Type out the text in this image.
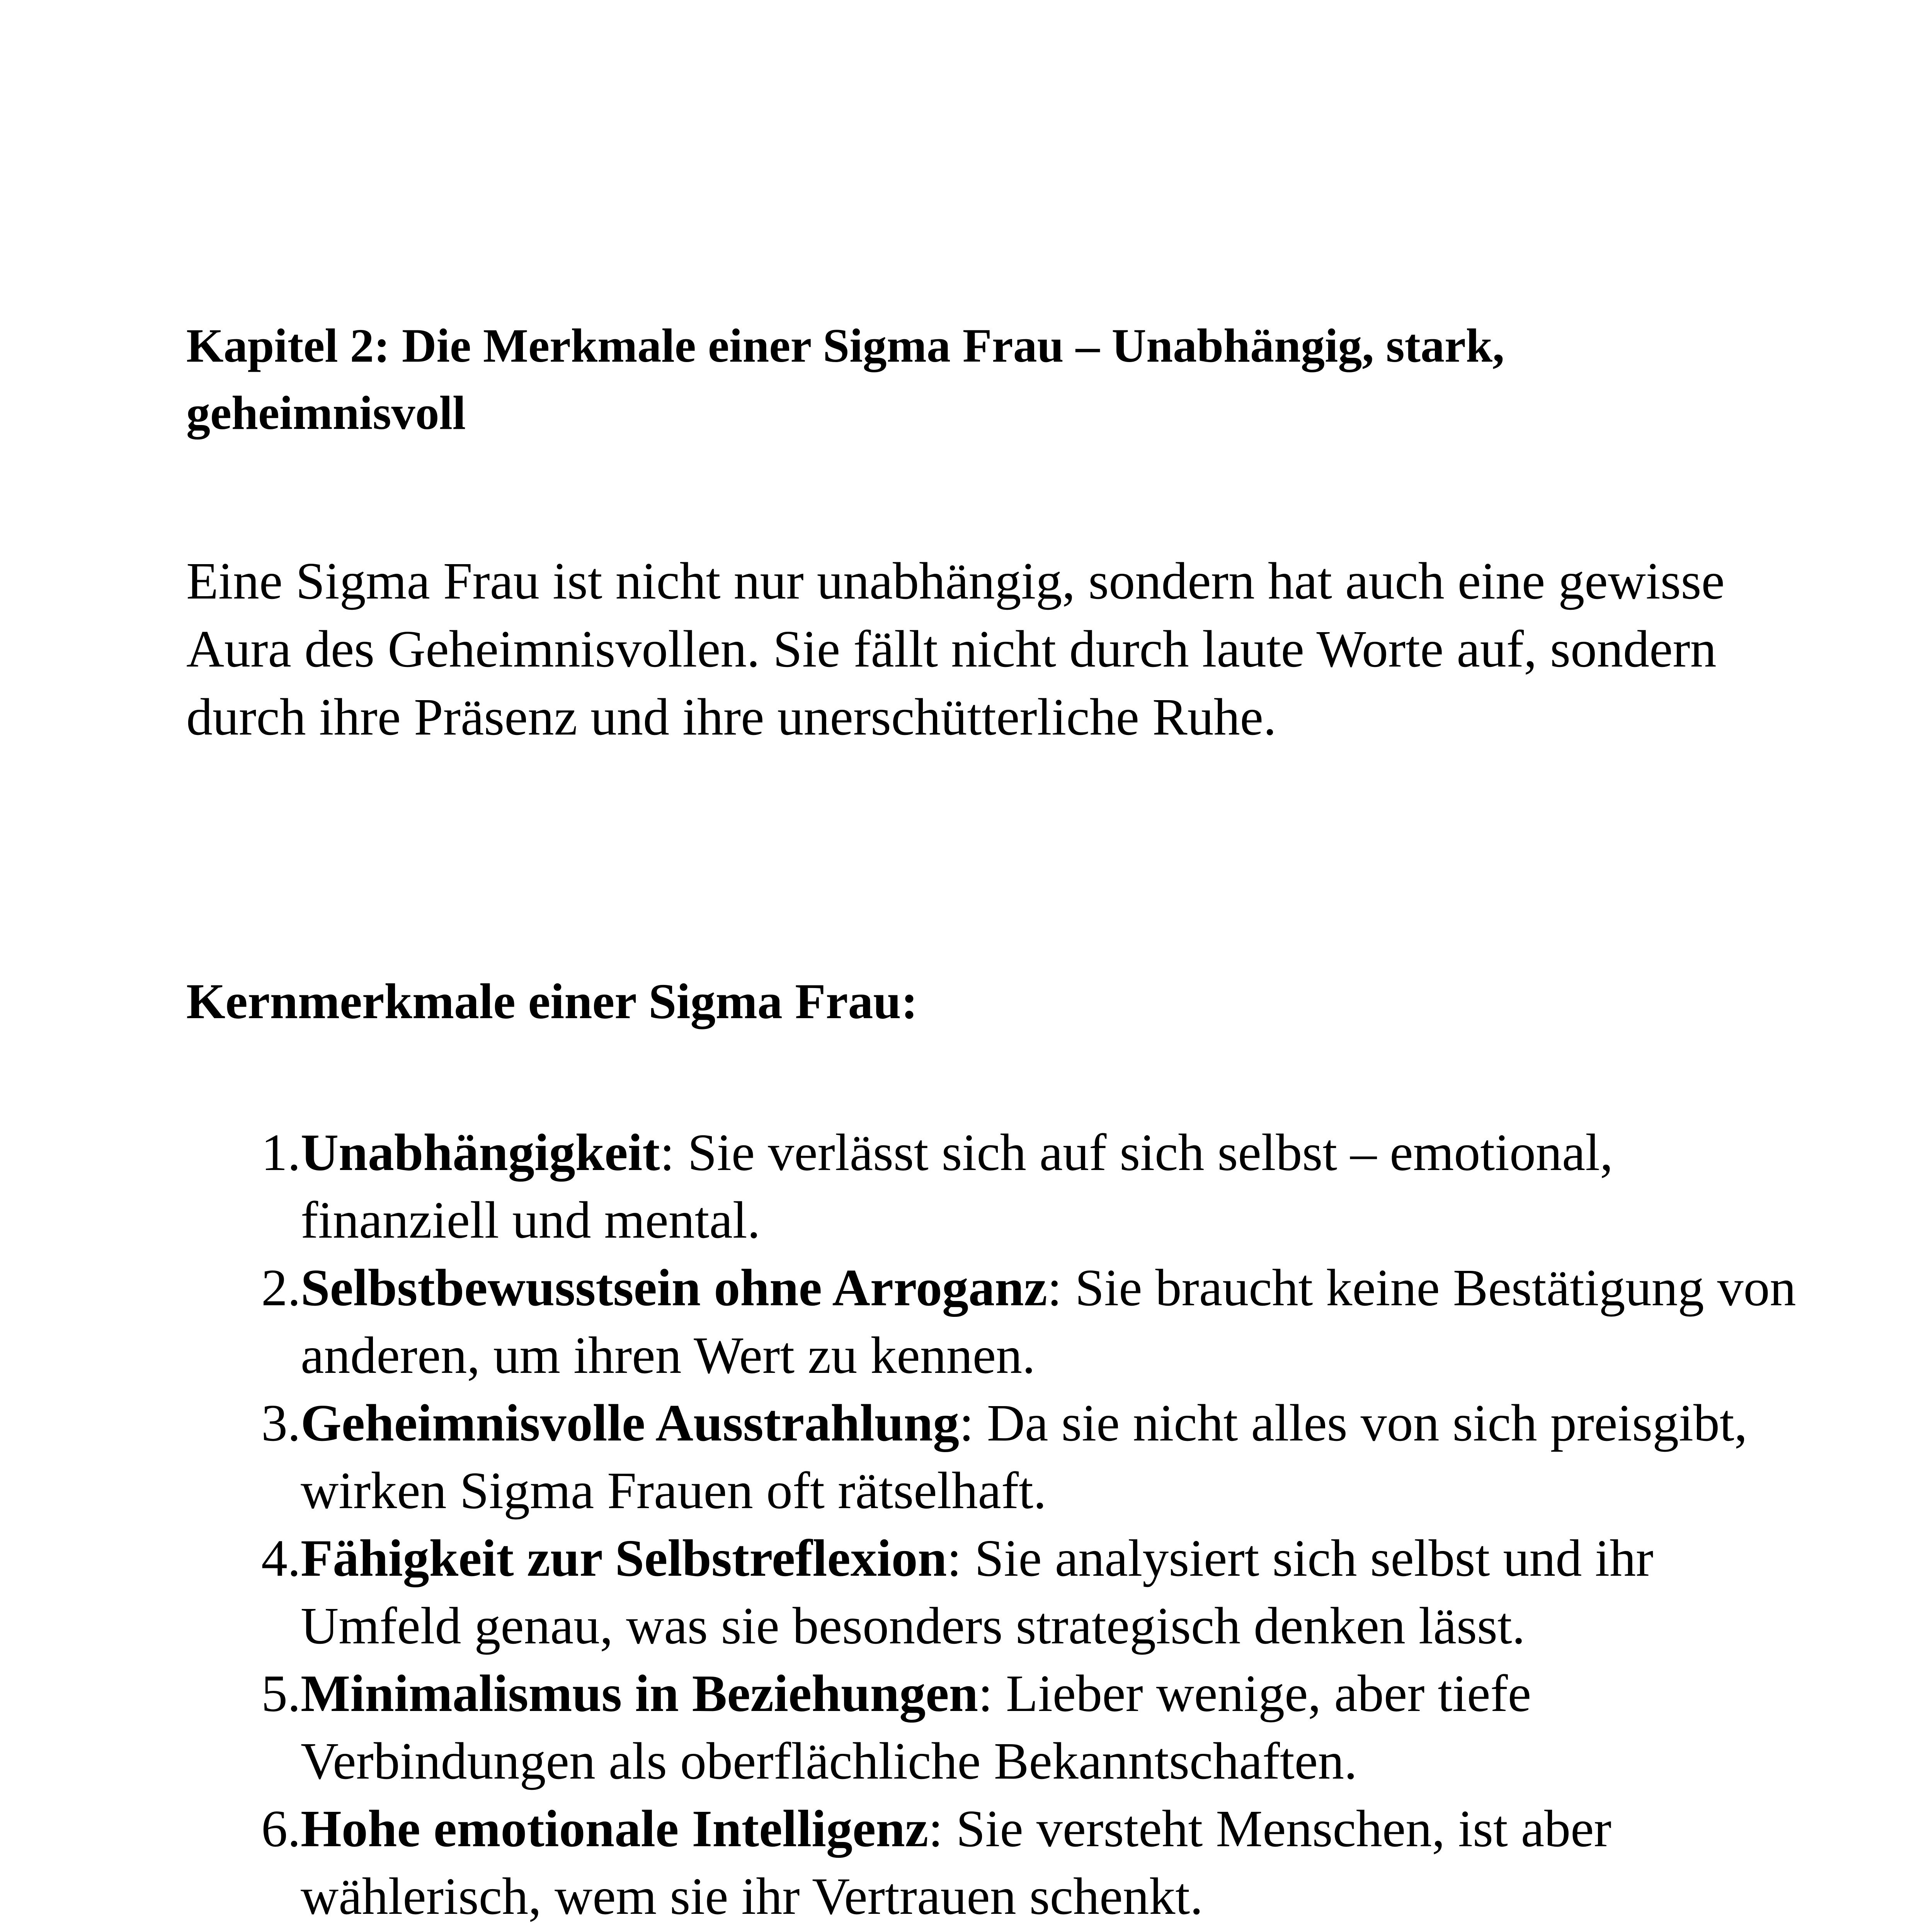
Kapitel 2: Die Merkmale einer Sigma Frau – Unabhängig, stark, geheimnisvoll

Eine Sigma Frau ist nicht nur unabhängig, sondern hat auch eine gewisse Aura des Geheimnisvollen. Sie fällt nicht durch laute Worte auf, sondern durch ihre Präsenz und ihre unerschütterliche Ruhe.

Kernmerkmale einer Sigma Frau:
1. Unabhängigkeit: Sie verlässt sich auf sich selbst – emotional, finanziell und mental.
2. Selbstbewusstsein ohne Arroganz: Sie braucht keine Bestätigung von anderen, um ihren Wert zu kennen.
3. Geheimnisvolle Ausstrahlung: Da sie nicht alles von sich preisgibt, wirken Sigma Frauen oft rätselhaft.
4. Fähigkeit zur Selbstreflexion: Sie analysiert sich selbst und ihr Umfeld genau, was sie besonders strategisch denken lässt.
5. Minimalismus in Beziehungen: Lieber wenige, aber tiefe Verbindungen als oberflächliche Bekanntschaften.
6. Hohe emotionale Intelligenz: Sie versteht Menschen, ist aber wählerisch, wem sie ihr Vertrauen schenkt.
